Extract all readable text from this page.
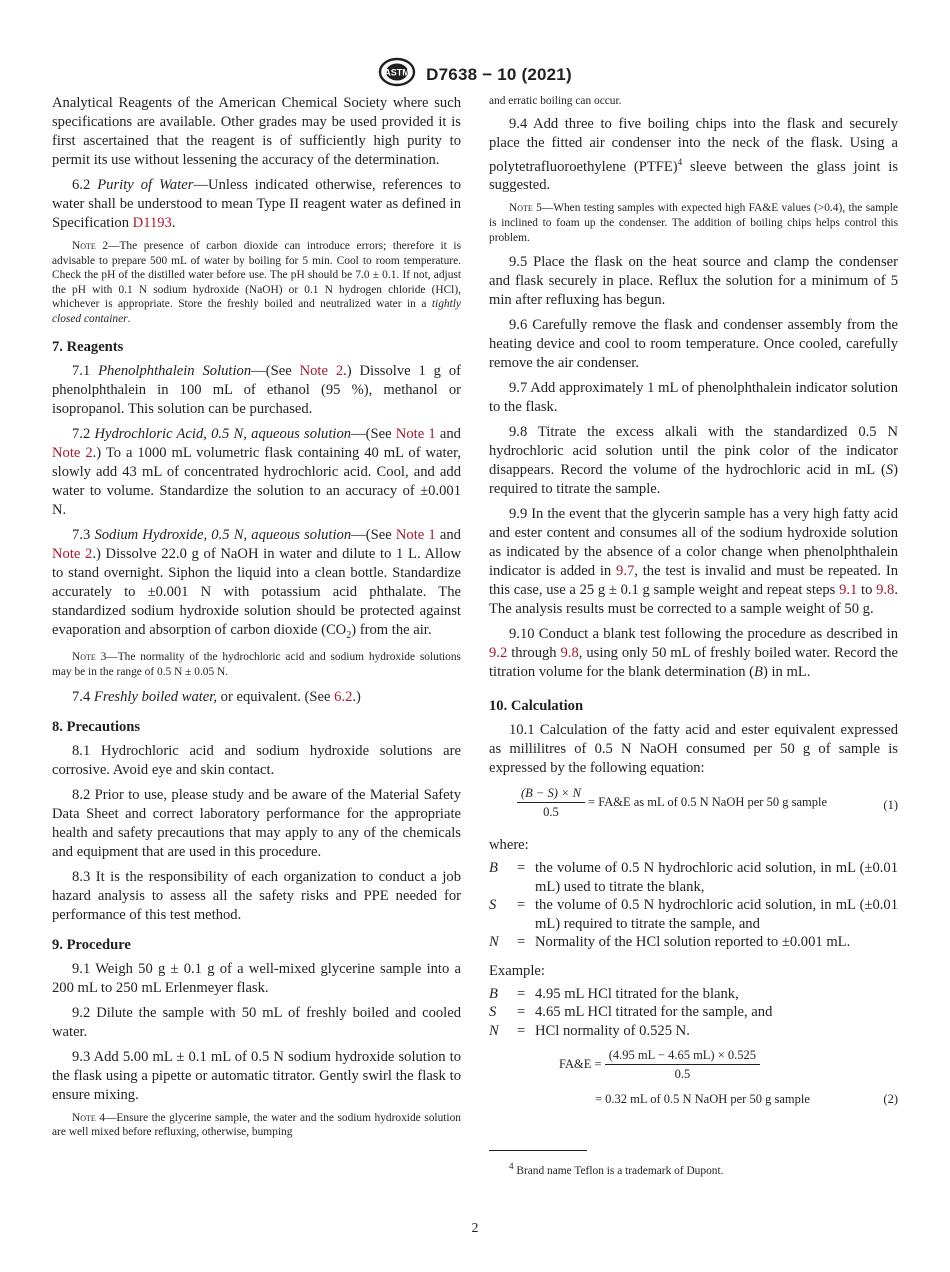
ASTM D7638 − 10 (2021)

Analytical Reagents of the American Chemical Society where such specifications are available. Other grades may be used provided it is first ascertained that the reagent is of sufficiently high purity to permit its use without lessening the accuracy of the determination.

6.2 Purity of Water—Unless indicated otherwise, references to water shall be understood to mean Type II reagent water as defined in Specification D1193.

Note 2—The presence of carbon dioxide can introduce errors; therefore it is advisable to prepare 500 mL of water by boiling for 5 min. Cool to room temperature. Check the pH of the distilled water before use. The pH should be 7.0 ± 0.1. If not, adjust the pH with 0.1 N sodium hydroxide (NaOH) or 0.1 N hydrogen chloride (HCl), whichever is appropriate. Store the freshly boiled and neutralized water in a tightly closed container.
7. Reagents

7.1 Phenolphthalein Solution—(See Note 2.) Dissolve 1 g of phenolphthalein in 100 mL of ethanol (95 %), methanol or isopropanol. This solution can be purchased.

7.2 Hydrochloric Acid, 0.5 N, aqueous solution—(See Note 1 and Note 2.) To a 1000 mL volumetric flask containing 40 mL of water, slowly add 43 mL of concentrated hydrochloric acid. Cool, and add water to volume. Standardize the solution to an accuracy of ±0.001 N.

7.3 Sodium Hydroxide, 0.5 N, aqueous solution—(See Note 1 and Note 2.) Dissolve 22.0 g of NaOH in water and dilute to 1 L. Allow to stand overnight. Siphon the liquid into a clean bottle. Standardize accurately to ±0.001 N with potassium acid phthalate. The standardized sodium hydroxide solution should be protected against evaporation and absorption of carbon dioxide $(CO_2)$ from the air.

Note 3—The normality of the hydrochloric acid and sodium hydroxide solutions may be in the range of 0.5 N ± 0.05 N.

7.4 Freshly boiled water, or equivalent. (See 6.2.)

8. Precautions

8.1 Hydrochloric acid and sodium hydroxide solutions are corrosive. Avoid eye and skin contact.

8.2 Prior to use, please study and be aware of the Material Safety Data Sheet and correct laboratory performance for the appropriate health and safety precautions that may apply to any of the chemicals and equipment that are used in this procedure.

8.3 It is the responsibility of each organization to conduct a job hazard analysis to assess all the safety risks and PPE needed for performance of this test method.

9. Procedure

9.1 Weigh 50 g ± 0.1 g of a well-mixed glycerine sample into a 200 mL to 250 mL Erlenmeyer flask.

9.2 Dilute the sample with 50 mL of freshly boiled and cooled water.

9.3 Add 5.00 mL ± 0.1 mL of 0.5 N sodium hydroxide solution to the flask using a pipette or automatic titrator. Gently swirl the flask to ensure mixing.

Note 4—Ensure the glycerine sample, the water and the sodium hydroxide solution are well mixed before refluxing, otherwise, bumping
and erratic boiling can occur.

9.4 Add three to five boiling chips into the flask and securely place the fitted air condenser into the neck of the flask. Using a polytetrafluoroethylene (PTFE)$^4$ sleeve between the glass joint is suggested.

Note 5—When testing samples with expected high FA&E values (>0.4), the sample is inclined to foam up the condenser. The addition of boiling chips helps control this problem.

9.5 Place the flask on the heat source and clamp the condenser and flask securely in place. Reflux the solution for a minimum of 5 min after refluxing has begun.

9.6 Carefully remove the flask and condenser assembly from the heating device and cool to room temperature. Once cooled, carefully remove the air condenser.

9.7 Add approximately 1 mL of phenolphthalein indicator solution to the flask.

9.8 Titrate the excess alkali with the standardized 0.5 N hydrochloric acid solution until the pink color of the indicator disappears. Record the volume of the hydrochloric acid in mL (S) required to titrate the sample.

9.9 In the event that the glycerin sample has a very high fatty acid and ester content and consumes all of the sodium hydroxide solution as indicated by the absence of a color change when phenolphthalein indicator is added in 9.7, the test is invalid and must be repeated. In this case, use a 25 g ± 0.1 g sample weight and repeat steps 9.1 to 9.8. The analysis results must be corrected to a sample weight of 50 g.

9.10 Conduct a blank test following the procedure as described in 9.2 through 9.8, using only 50 mL of freshly boiled water. Record the titration volume for the blank determination (B) in mL.

10. Calculation

10.1 Calculation of the fatty acid and ester equivalent expressed as millilitres of 0.5 N NaOH consumed per 50 g of sample is expressed by the following equation:

$\frac{(B - S) \times N}{0.5}$ = FA&E as mL of 0.5 N NaOH per 50 g sample	(1)

where:

B	= the volume of 0.5 N hydrochloric acid solution, in mL (±0.01 mL) used to titrate the blank,
S	= the volume of 0.5 N hydrochloric acid solution, in mL (±0.01 mL) required to titrate the sample, and
N	= Normality of the HCl solution reported to ±0.001 mL.

Example:

B	= 4.95 mL HCl titrated for the blank,
S	= 4.65 mL HCl titrated for the sample, and
N	= HCl normality of 0.525 N.
FA&E = $\frac{(4.95 mL - 4.65 mL) \times 0.525}{0.5}$
= 0.32 mL of 0.5 N NaOH per 50 g sample	(2)
$^4$ Brand name Teflon is a trademark of Dupont.
2
